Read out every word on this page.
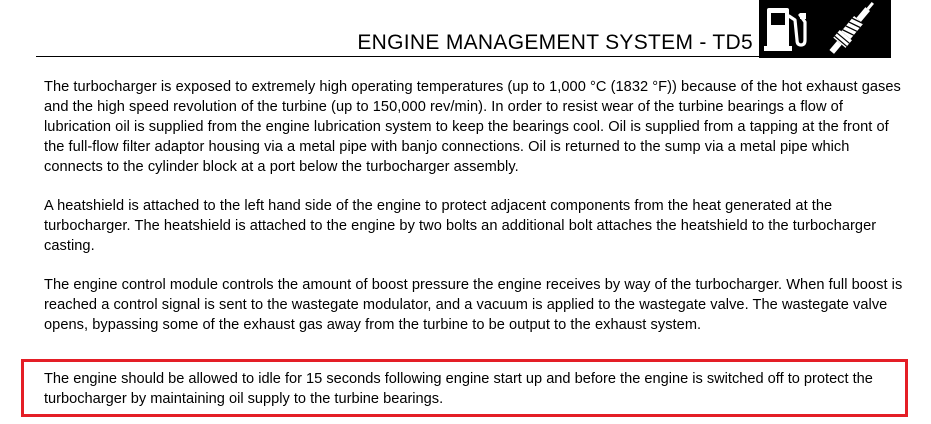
ENGINE MANAGEMENT SYSTEM - TD5

The turbocharger is exposed to extremely high operating temperatures (up to 1,000 °C (1832 °F)) because of the hot exhaust gases and the high speed revolution of the turbine (up to 150,000 rev/min). In order to resist wear of the turbine bearings a flow of lubrication oil is supplied from the engine lubrication system to keep the bearings cool. Oil is supplied from a tapping at the front of the full-flow filter adaptor housing via a metal pipe with banjo connections. Oil is returned to the sump via a metal pipe which connects to the cylinder block at a port below the turbocharger assembly.

A heatshield is attached to the left hand side of the engine to protect adjacent components from the heat generated at the turbocharger. The heatshield is attached to the engine by two bolts an additional bolt attaches the heatshield to the turbocharger casting.

The engine control module controls the amount of boost pressure the engine receives by way of the turbocharger. When full boost is reached a control signal is sent to the wastegate modulator, and a vacuum is applied to the wastegate valve. The wastegate valve opens, bypassing some of the exhaust gas away from the turbine to be output to the exhaust system.

The engine should be allowed to idle for 15 seconds following engine start up and before the engine is switched off to protect the turbocharger by maintaining oil supply to the turbine bearings.
